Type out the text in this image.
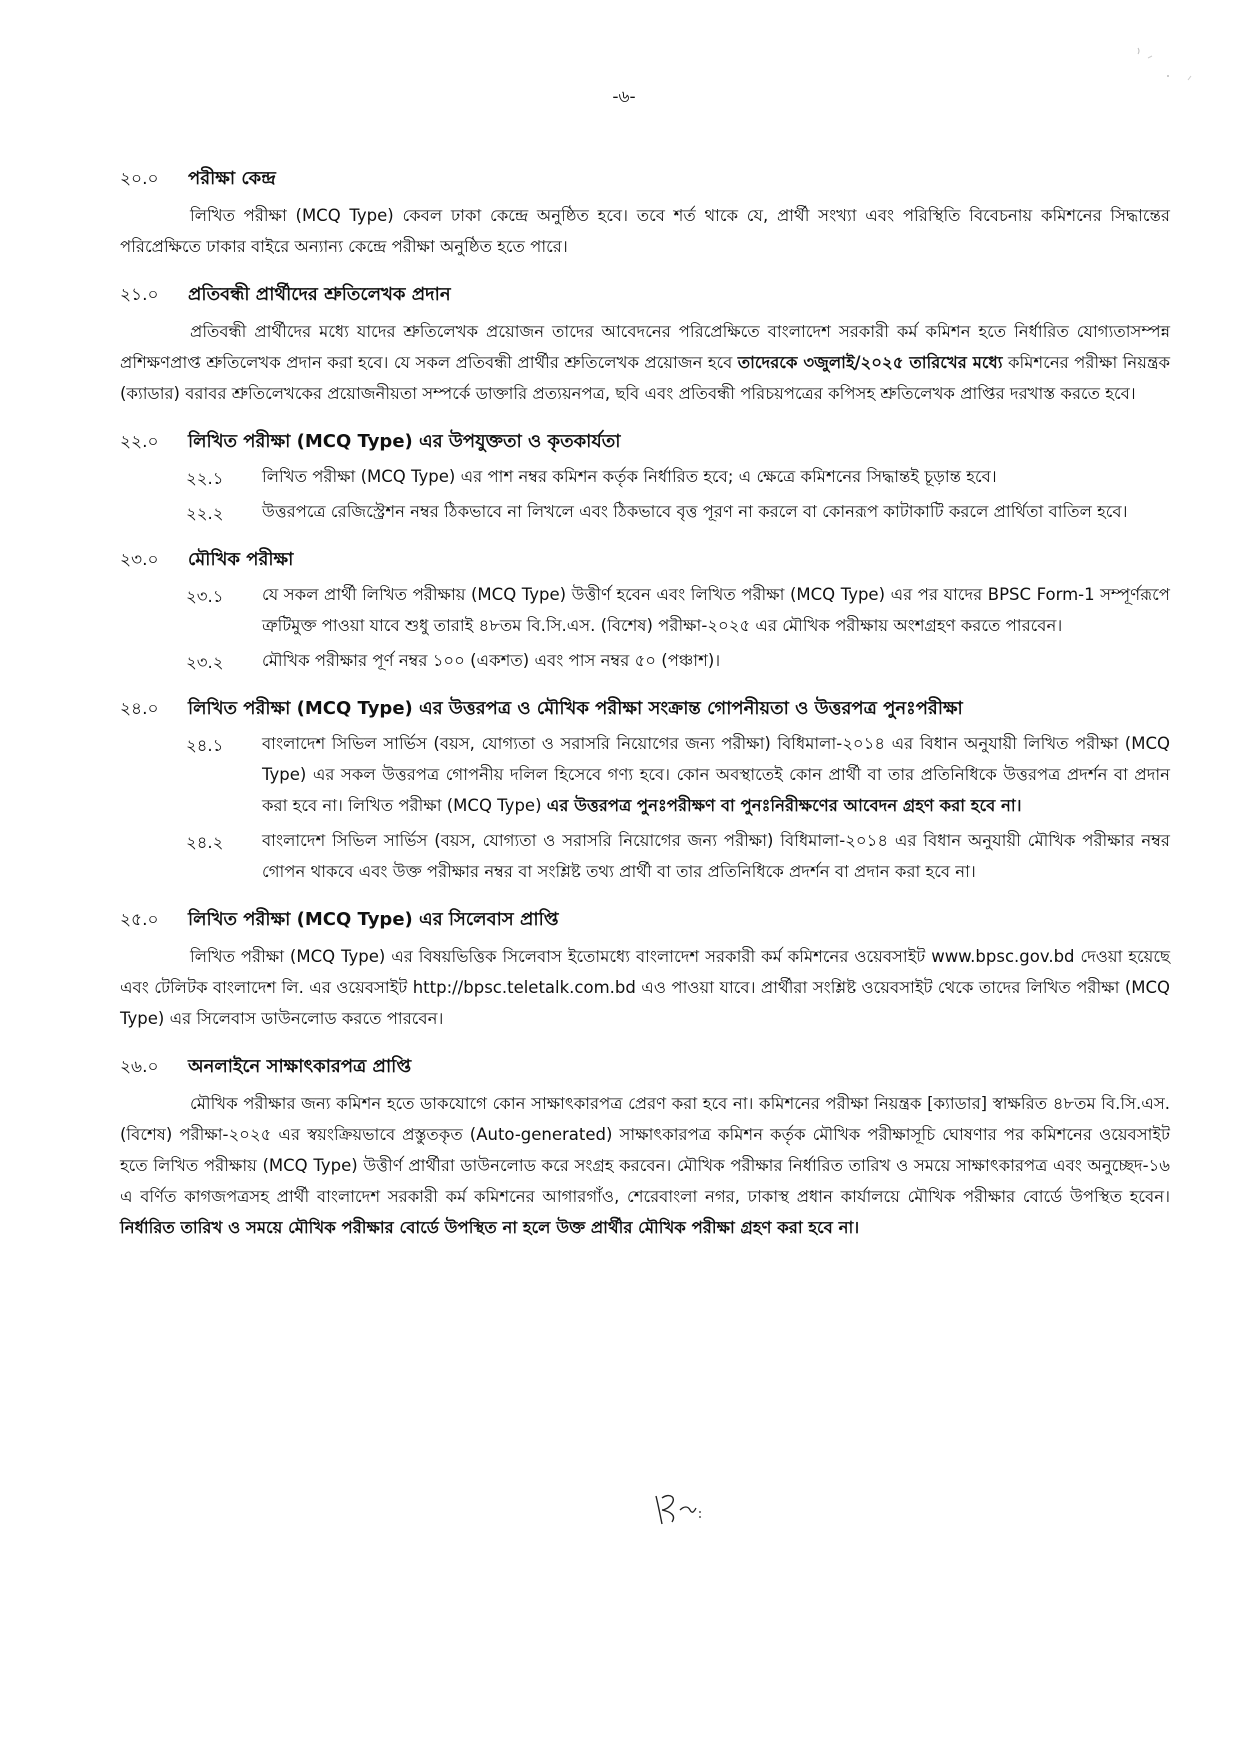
-৬-
২০.০ পরীক্ষা কেন্দ্র

লিখিত পরীক্ষা (MCQ Type) কেবল ঢাকা কেন্দ্রে অনুষ্ঠিত হবে। তবে শর্ত থাকে যে, প্রার্থী সংখ্যা এবং পরিস্থিতি বিবেচনায় কমিশনের সিদ্ধান্তের পরিপ্রেক্ষিতে ঢাকার বাইরে অন্যান্য কেন্দ্রে পরীক্ষা অনুষ্ঠিত হতে পারে।

২১.০ প্রতিবন্ধী প্রার্থীদের শ্রুতিলেখক প্রদান

প্রতিবন্ধী প্রার্থীদের মধ্যে যাদের শ্রুতিলেখক প্রয়োজন তাদের আবেদনের পরিপ্রেক্ষিতে বাংলাদেশ সরকারী কর্ম কমিশন হতে নির্ধারিত যোগ্যতাসম্পন্ন প্রশিক্ষণপ্রাপ্ত শ্রুতিলেখক প্রদান করা হবে। যে সকল প্রতিবন্ধী প্রার্থীর শ্রুতিলেখক প্রয়োজন হবে তাদেরকে ৩জুলাই/২০২৫ তারিখের মধ্যে কমিশনের পরীক্ষা নিয়ন্ত্রক (ক্যাডার) বরাবর শ্রুতিলেখকের প্রয়োজনীয়তা সম্পর্কে ডাক্তারি প্রত্যয়নপত্র, ছবি এবং প্রতিবন্ধী পরিচয়পত্রের কপিসহ শ্রুতিলেখক প্রাপ্তির দরখাস্ত করতে হবে।

২২.০ লিখিত পরীক্ষা (MCQ Type) এর উপযুক্ততা ও কৃতকার্যতা
২২.১ লিখিত পরীক্ষা (MCQ Type) এর পাশ নম্বর কমিশন কর্তৃক নির্ধারিত হবে; এ ক্ষেত্রে কমিশনের সিদ্ধান্তই চূড়ান্ত হবে।
২২.২ উত্তরপত্রে রেজিস্ট্রেশন নম্বর ঠিকভাবে না লিখলে এবং ঠিকভাবে বৃত্ত পূরণ না করলে বা কোনরূপ কাটাকাটি করলে প্রার্থিতা বাতিল হবে।
২৩.০ মৌখিক পরীক্ষা
২৩.১ যে সকল প্রার্থী লিখিত পরীক্ষায় (MCQ Type) উত্তীর্ণ হবেন এবং লিখিত পরীক্ষা (MCQ Type) এর পর যাদের BPSC Form-1 সম্পূর্ণরূপে ত্রুটিমুক্ত পাওয়া যাবে শুধু তারাই ৪৮তম বি.সি.এস. (বিশেষ) পরীক্ষা-২০২৫ এর মৌখিক পরীক্ষায় অংশগ্রহণ করতে পারবেন।
২৩.২ মৌখিক পরীক্ষার পূর্ণ নম্বর ১০০ (একশত) এবং পাস নম্বর ৫০ (পঞ্চাশ)।
২৪.০ লিখিত পরীক্ষা (MCQ Type) এর উত্তরপত্র ও মৌখিক পরীক্ষা সংক্রান্ত গোপনীয়তা ও উত্তরপত্র পুনঃপরীক্ষা
২৪.১ বাংলাদেশ সিভিল সার্ভিস (বয়স, যোগ্যতা ও সরাসরি নিয়োগের জন্য পরীক্ষা) বিধিমালা-২০১৪ এর বিধান অনুযায়ী লিখিত পরীক্ষা (MCQ Type) এর সকল উত্তরপত্র গোপনীয় দলিল হিসেবে গণ্য হবে। কোন অবস্থাতেই কোন প্রার্থী বা তার প্রতিনিধিকে উত্তরপত্র প্রদর্শন বা প্রদান করা হবে না। লিখিত পরীক্ষা (MCQ Type) এর উত্তরপত্র পুনঃপরীক্ষণ বা পুনঃনিরীক্ষণের আবেদন গ্রহণ করা হবে না।
২৪.২ বাংলাদেশ সিভিল সার্ভিস (বয়স, যোগ্যতা ও সরাসরি নিয়োগের জন্য পরীক্ষা) বিধিমালা-২০১৪ এর বিধান অনুযায়ী মৌখিক পরীক্ষার নম্বর গোপন থাকবে এবং উক্ত পরীক্ষার নম্বর বা সংশ্লিষ্ট তথ্য প্রার্থী বা তার প্রতিনিধিকে প্রদর্শন বা প্রদান করা হবে না।
২৫.০ লিখিত পরীক্ষা (MCQ Type) এর সিলেবাস প্রাপ্তি

লিখিত পরীক্ষা (MCQ Type) এর বিষয়ভিত্তিক সিলেবাস ইতোমধ্যে বাংলাদেশ সরকারী কর্ম কমিশনের ওয়েবসাইট www.bpsc.gov.bd দেওয়া হয়েছে এবং টেলিটক বাংলাদেশ লি. এর ওয়েবসাইট http://bpsc.teletalk.com.bd এও পাওয়া যাবে। প্রার্থীরা সংশ্লিষ্ট ওয়েবসাইট থেকে তাদের লিখিত পরীক্ষা (MCQ Type) এর সিলেবাস ডাউনলোড করতে পারবেন।

২৬.০ অনলাইনে সাক্ষাৎকারপত্র প্রাপ্তি

মৌখিক পরীক্ষার জন্য কমিশন হতে ডাকযোগে কোন সাক্ষাৎকারপত্র প্রেরণ করা হবে না। কমিশনের পরীক্ষা নিয়ন্ত্রক [ক্যাডার] স্বাক্ষরিত ৪৮তম বি.সি.এস. (বিশেষ) পরীক্ষা-২০২৫ এর স্বয়ংক্রিয়ভাবে প্রস্তুতকৃত (Auto-generated) সাক্ষাৎকারপত্র কমিশন কর্তৃক মৌখিক পরীক্ষাসূচি ঘোষণার পর কমিশনের ওয়েবসাইট হতে লিখিত পরীক্ষায় (MCQ Type) উত্তীর্ণ প্রার্থীরা ডাউনলোড করে সংগ্রহ করবেন। মৌখিক পরীক্ষার নির্ধারিত তারিখ ও সময়ে সাক্ষাৎকারপত্র এবং অনুচ্ছেদ-১৬ এ বর্ণিত কাগজপত্রসহ প্রার্থী বাংলাদেশ সরকারী কর্ম কমিশনের আগারগাঁও, শেরেবাংলা নগর, ঢাকাস্থ প্রধান কার্যালয়ে মৌখিক পরীক্ষার বোর্ডে উপস্থিত হবেন। নির্ধারিত তারিখ ও সময়ে মৌখিক পরীক্ষার বোর্ডে উপস্থিত না হলে উক্ত প্রার্থীর মৌখিক পরীক্ষা গ্রহণ করা হবে না।
